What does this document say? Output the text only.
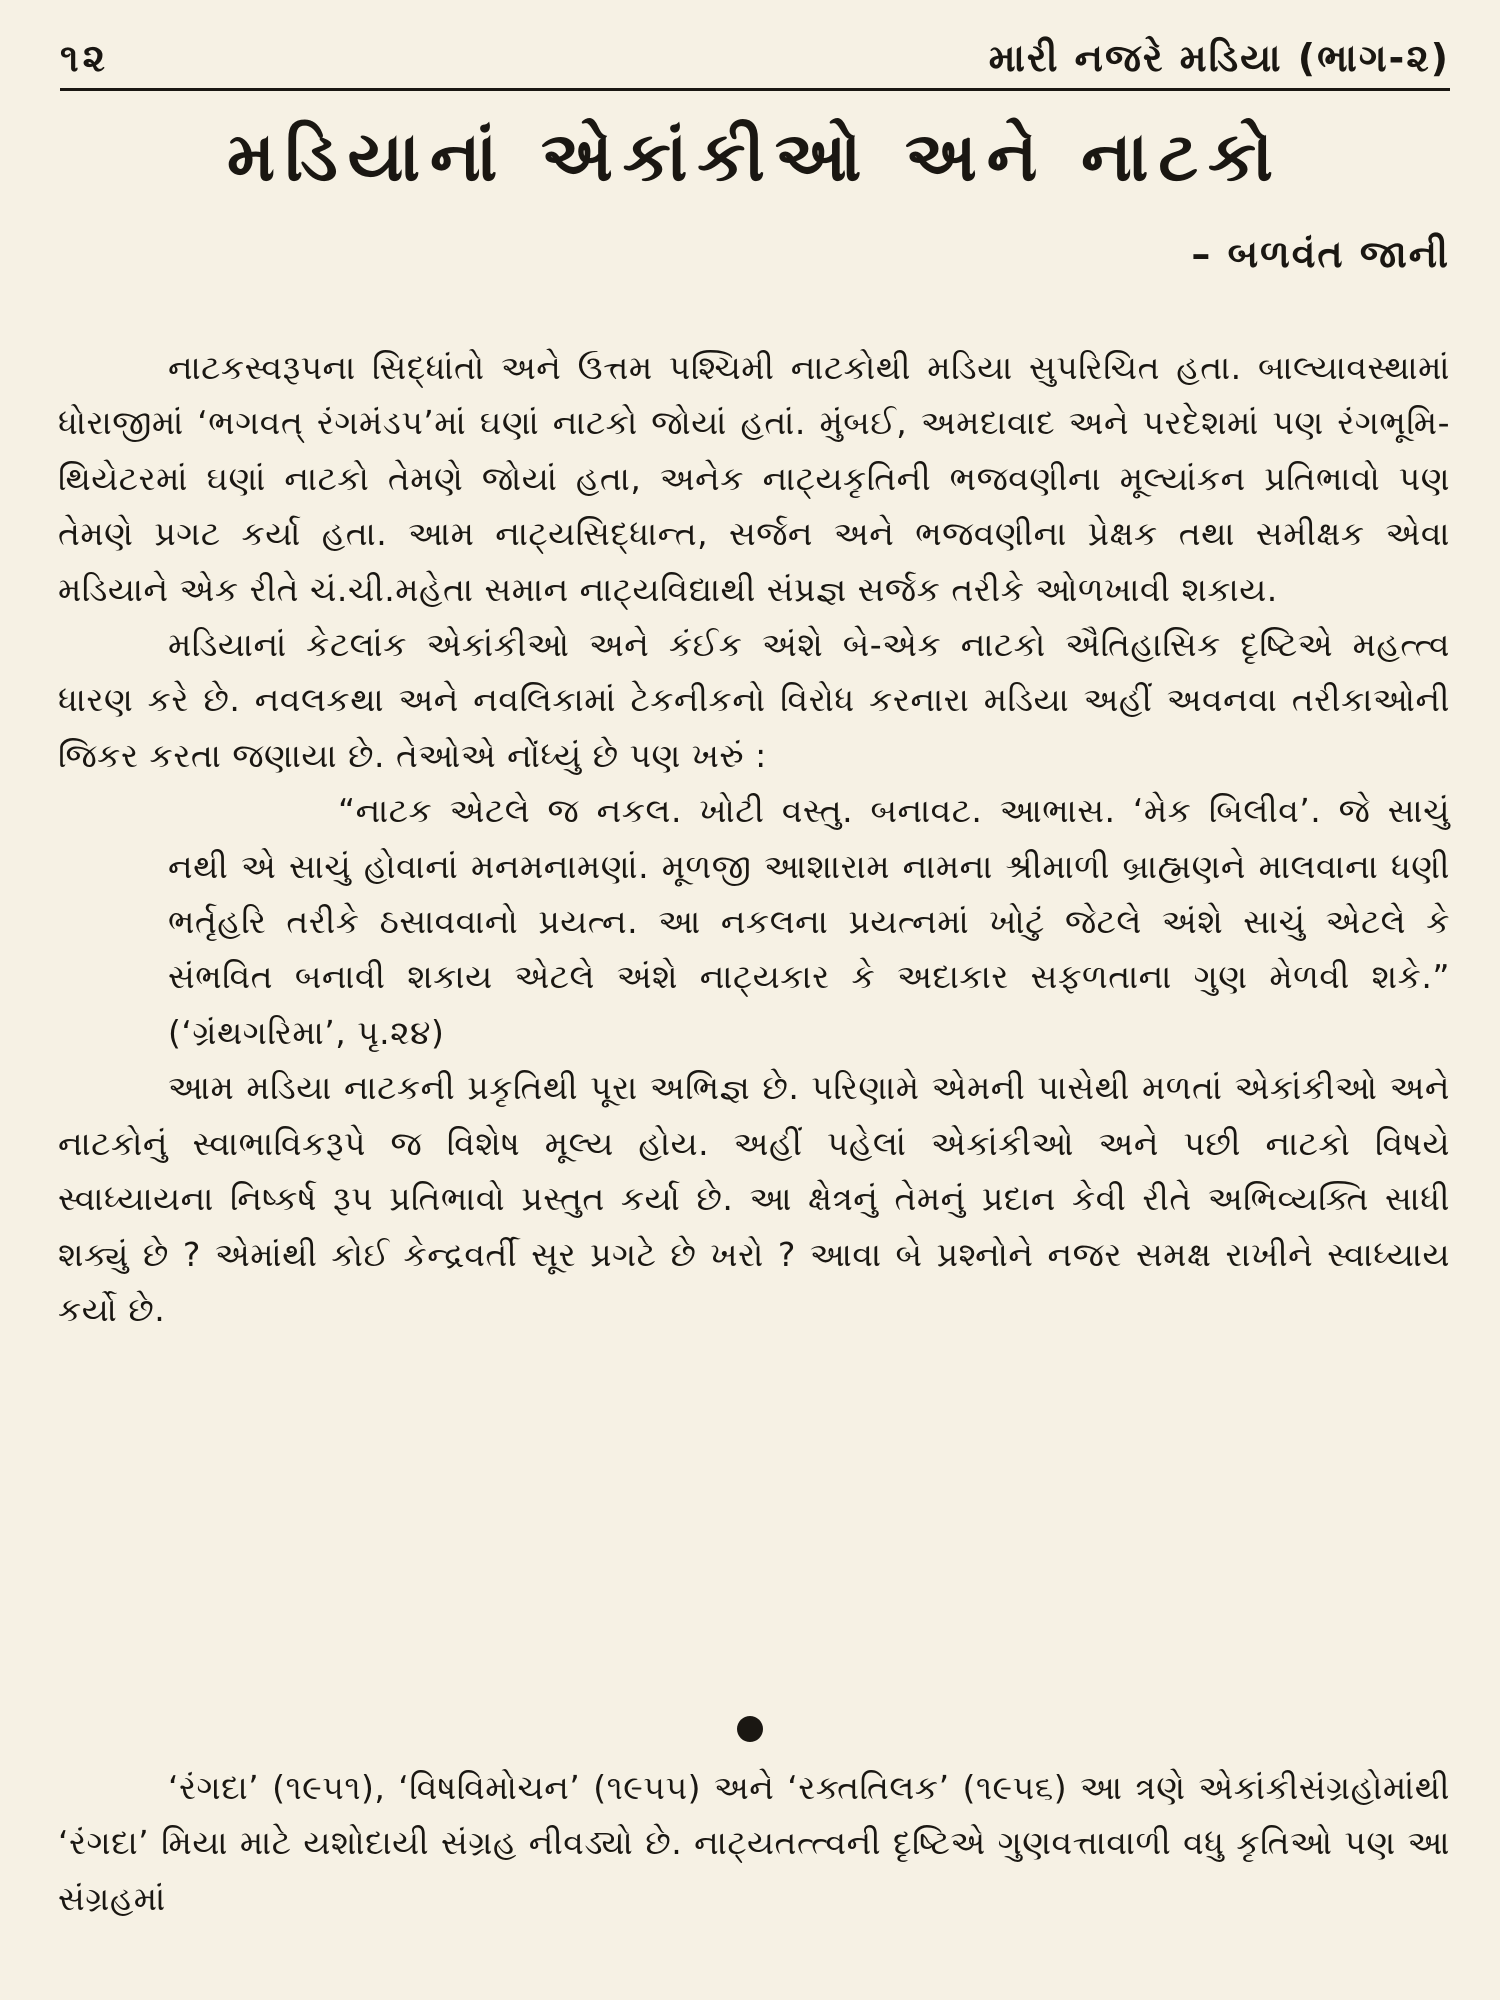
૧૨	મારી નજરે મડિયા (ભાગ-૨)
મડિયાનાં એકાંકીઓ અને નાટકો
– બળવંત જાની

નાટકસ્વરૂપના સિદ્ધાંતો અને ઉત્તમ પશ્ચિમી નાટકોથી મડિયા સુપરિચિત હતા. બાલ્યાવસ્થામાં ધોરાજીમાં ‘ભગવત્ રંગમંડપ’માં ઘણાં નાટકો જોયાં હતાં. મુંબઈ, અમદાવાદ અને પરદેશમાં પણ રંગભૂમિ-થિયેટરમાં ઘણાં નાટકો તેમણે જોયાં હતા, અનેક નાટ્યકૃતિની ભજવણીના મૂલ્યાંકન પ્રતિભાવો પણ તેમણે પ્રગટ કર્યા હતા. આમ નાટ્યસિદ્ધાન્ત, સર્જન અને ભજવણીના પ્રેક્ષક તથા સમીક્ષક એવા મડિયાને એક રીતે ચં.ચી.મહેતા સમાન નાટ્યવિદ્યાથી સંપ્રજ્ઞ સર્જક તરીકે ઓળખાવી શકાય.

મડિયાનાં કેટલાંક એકાંકીઓ અને કંઈક અંશે બે-એક નાટકો ઐતિહાસિક દૃષ્ટિએ મહત્ત્વ ધારણ કરે છે. નવલકથા અને નવલિકામાં ટેકનીકનો વિરોધ કરનારા મડિયા અહીં અવનવા તરીકાઓની જિકર કરતા જણાયા છે. તેઓએ નોંધ્યું છે પણ ખરું :

“નાટક એટલે જ નકલ. ખોટી વસ્તુ. બનાવટ. આભાસ. ‘મેક બિલીવ’. જે સાચું નથી એ સાચું હોવાનાં મનમનામણાં. મૂળજી આશારામ નામના શ્રીમાળી બ્રાહ્મણને માલવાના ધણી ભર્તૃહરિ તરીકે ઠસાવવાનો પ્રયત્ન. આ નકલના પ્રયત્નમાં ખોટું જેટલે અંશે સાચું એટલે કે સંભવિત બનાવી શકાય એટલે અંશે નાટ્યકાર કે અદાકાર સફળતાના ગુણ મેળવી શકે.” (‘ગ્રંથગરિમા’, પૃ.૨૪)

આમ મડિયા નાટકની પ્રકૃતિથી પૂરા અભિજ્ઞ છે. પરિણામે એમની પાસેથી મળતાં એકાંકીઓ અને નાટકોનું સ્વાભાવિકરૂપે જ વિશેષ મૂલ્ય હોય. અહીં પહેલાં એકાંકીઓ અને પછી નાટકો વિષયે સ્વાધ્યાયના નિષ્કર્ષ રૂપ પ્રતિભાવો પ્રસ્તુત કર્યા છે. આ ક્ષેત્રનું તેમનું પ્રદાન કેવી રીતે અભિવ્યક્તિ સાધી શક્યું છે ? એમાંથી કોઈ કેન્દ્રવર્તી સૂર પ્રગટે છે ખરો ? આવા બે પ્રશ્નોને નજર સમક્ષ રાખીને સ્વાધ્યાય કર્યો છે.

‘રંગદા’ (૧૯૫૧), ‘વિષવિમોચન’ (૧૯૫૫) અને ‘રક્તતિલક’ (૧૯૫૬) આ ત્રણે એકાંકીસંગ્રહોમાંથી ‘રંગદા’ મિયા માટે યશોદાયી સંગ્રહ નીવડ્યો છે. નાટ્યતત્ત્વની દૃષ્ટિએ ગુણવત્તાવાળી વધુ કૃતિઓ પણ આ સંગ્રહમાં
